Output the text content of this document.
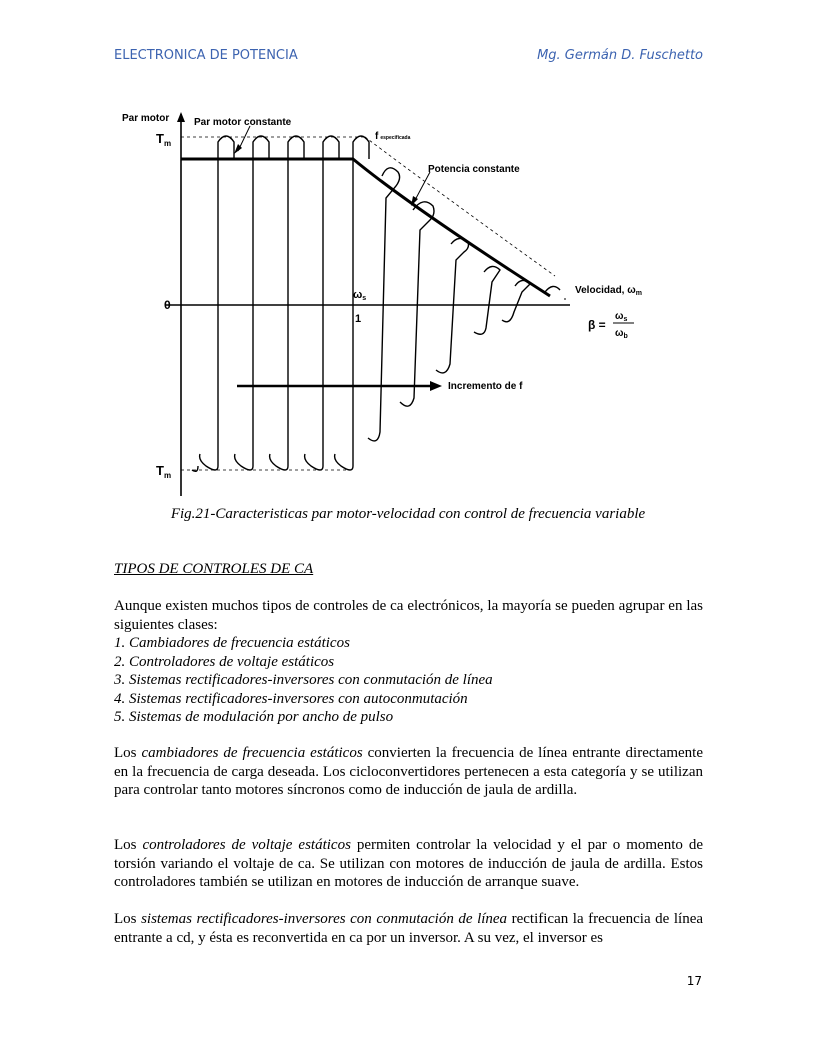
ELECTRONICA DE POTENCIA	Mg. Germán D. Fuschetto
Par motor
$T_m$
$T_m$
0
Par motor constante
fespecificada
Potencia constante
Velocidad, $\omega_m$
ωs
1	β =
$\omega_s$
$\omega_b$
Incremento de f
Fig.21-Caracteristicas par motor-velocidad con control de frecuencia variable
TIPOS DE CONTROLES DE CA
Aunque existen muchos tipos de controles de ca electrónicos, la mayoría se pueden agrupar en las siguientes clases:
1. Cambiadores de frecuencia estáticos
2. Controladores de voltaje estáticos
3. Sistemas rectificadores-inversores con conmutación de línea
4. Sistemas rectificadores-inversores con autoconmutación
5. Sistemas de modulación por ancho de pulso
Los cambiadores de frecuencia estáticos convierten la frecuencia de línea entrante directamente en la frecuencia de carga deseada. Los cicloconvertidores pertenecen a esta categoría y se utilizan para controlar tanto motores síncronos como de inducción de jaula de ardilla.
Los controladores de voltaje estáticos permiten controlar la velocidad y el par o momento de torsión variando el voltaje de ca. Se utilizan con motores de inducción de jaula de ardilla. Estos controladores también se utilizan en motores de inducción de arranque suave.
Los sistemas rectificadores-inversores con conmutación de línea rectifican la frecuencia de línea entrante a cd, y ésta es reconvertida en ca por un inversor. A su vez, el inversor es
17
